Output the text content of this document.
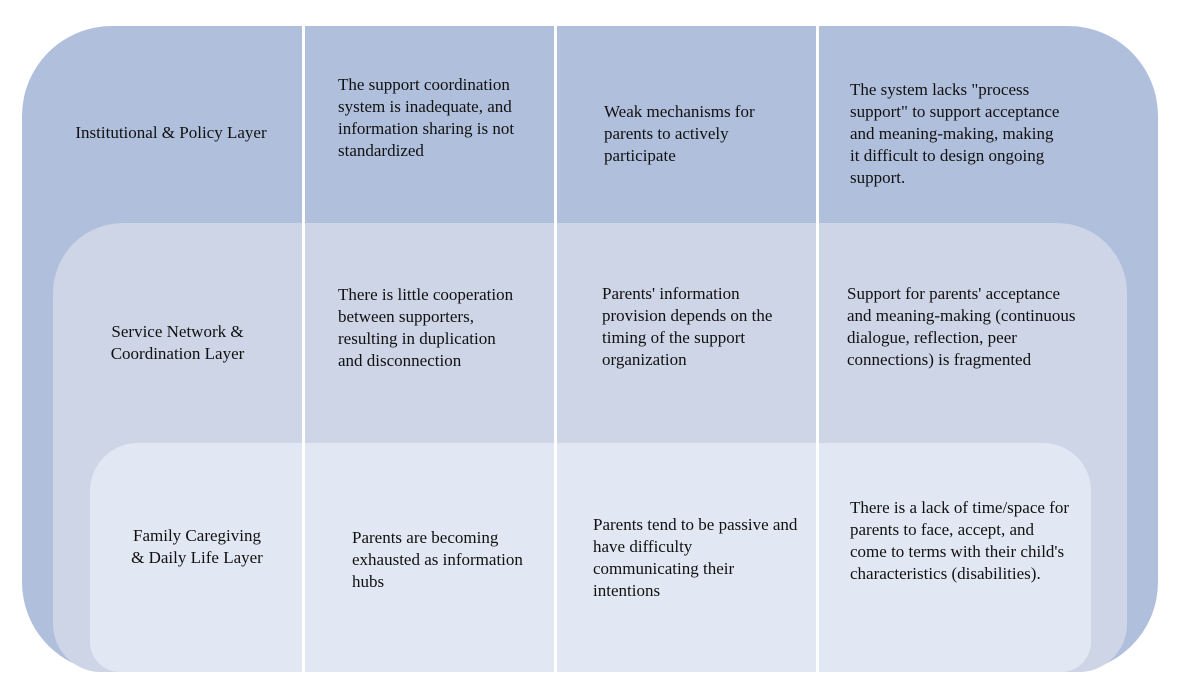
Institutional & Policy Layer
The support coordination system is inadequate, and information sharing is not standardized
Weak mechanisms for parents to actively participate
The system lacks "process support" to support acceptance and meaning-making, making it difficult to design ongoing support.
Service Network & Coordination Layer
There is little cooperation between supporters, resulting in duplication and disconnection
Parents' information provision depends on the timing of the support organization
Support for parents' acceptance and meaning-making (continuous dialogue, reflection, peer connections) is fragmented
Family Caregiving & Daily Life Layer
Parents are becoming exhausted as information hubs
Parents tend to be passive and have difficulty communicating their intentions
There is a lack of time/space for parents to face, accept, and come to terms with their child's characteristics (disabilities).
